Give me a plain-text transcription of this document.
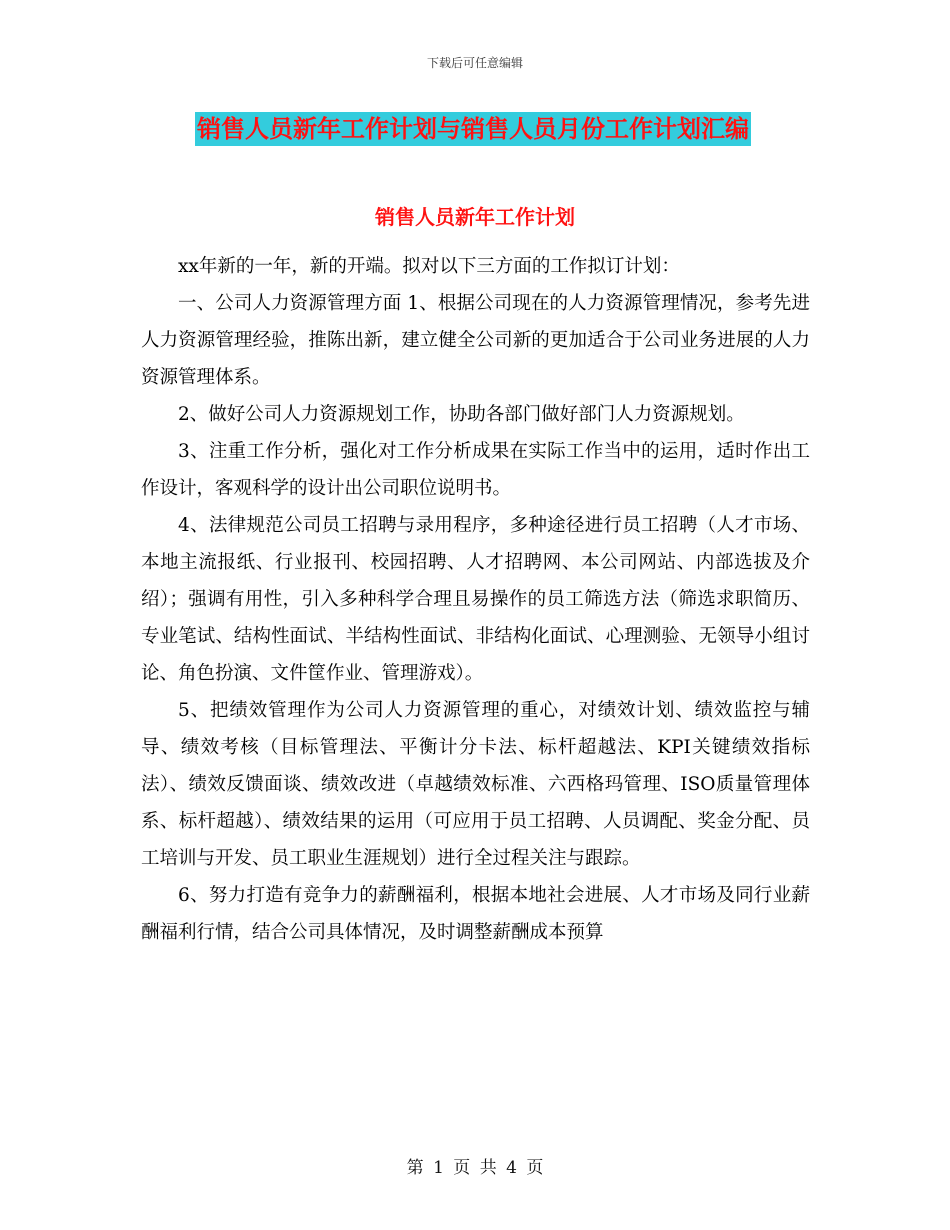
下载后可任意编辑
销售人员新年工作计划与销售人员月份工作计划汇编
销售人员新年工作计划

xx年新的一年，新的开端。拟对以下三方面的工作拟订计划：

一、公司人力资源管理方面 1、根据公司现在的人力资源管理情况，参考先进人力资源管理经验，推陈出新，建立健全公司新的更加适合于公司业务进展的人力资源管理体系。

2、做好公司人力资源规划工作，协助各部门做好部门人力资源规划。

3、注重工作分析，强化对工作分析成果在实际工作当中的运用，适时作出工作设计，客观科学的设计出公司职位说明书。

4、法律规范公司员工招聘与录用程序，多种途径进行员工招聘（人才市场、本地主流报纸、行业报刊、校园招聘、人才招聘网、本公司网站、内部选拔及介绍）；强调有用性，引入多种科学合理且易操作的员工筛选方法（筛选求职简历、专业笔试、结构性面试、半结构性面试、非结构化面试、心理测验、无领导小组讨论、角色扮演、文件筐作业、管理游戏）。

5、把绩效管理作为公司人力资源管理的重心，对绩效计划、绩效监控与辅导、绩效考核（目标管理法、平衡计分卡法、标杆超越法、KPI关键绩效指标法）、绩效反馈面谈、绩效改进（卓越绩效标准、六西格玛管理、ISO质量管理体系、标杆超越）、绩效结果的运用（可应用于员工招聘、人员调配、奖金分配、员工培训与开发、员工职业生涯规划）进行全过程关注与跟踪。

6、努力打造有竞争力的薪酬福利，根据本地社会进展、人才市场及同行业薪酬福利行情，结合公司具体情况，及时调整薪酬成本预算

第 1 页 共 4 页
